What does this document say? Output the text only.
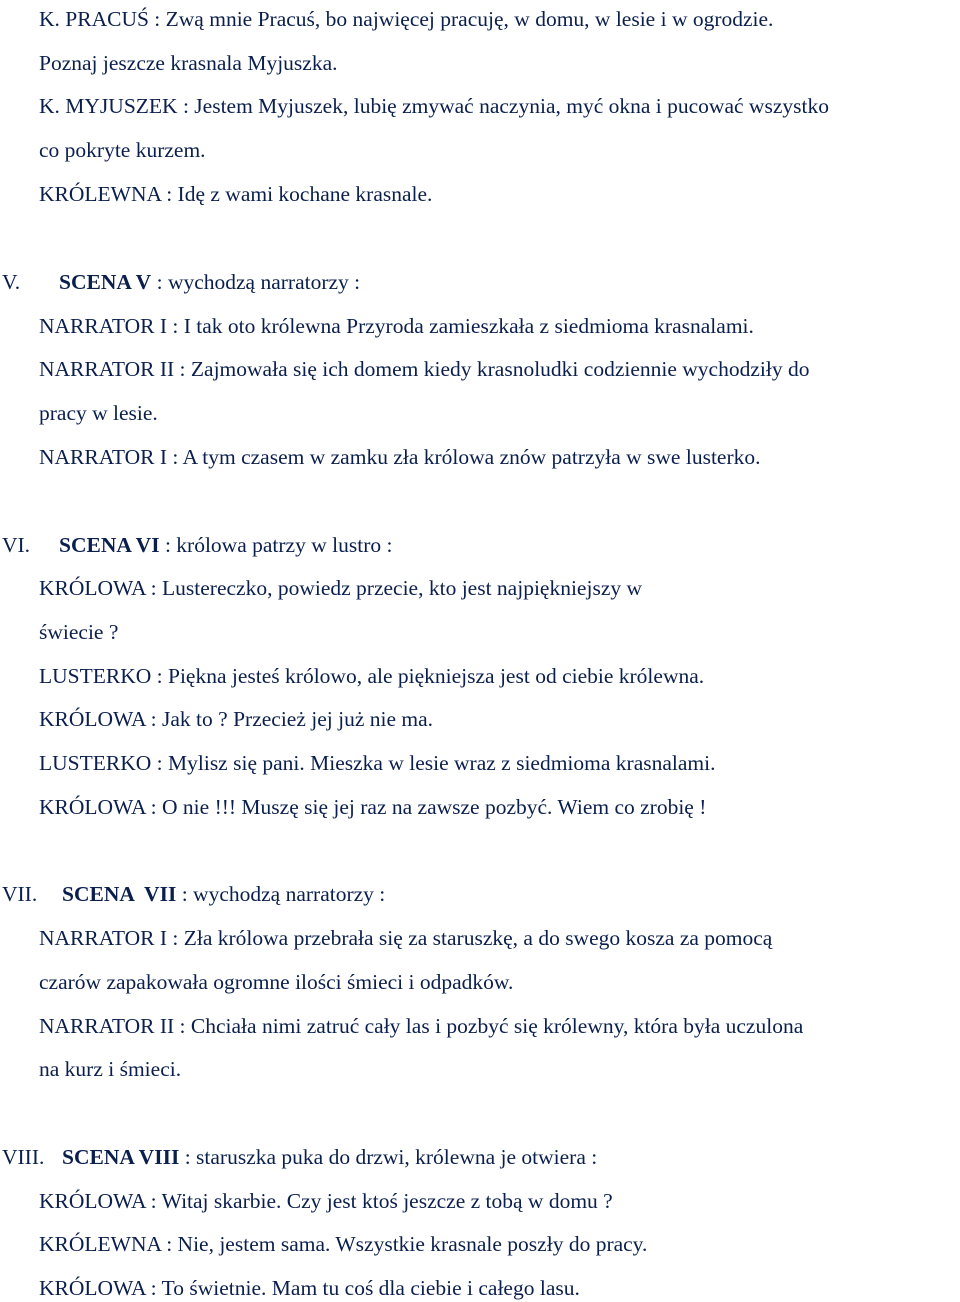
K. PRACUŚ : Zwą mnie Pracuś, bo najwięcej pracuję, w domu, w lesie i w ogrodzie.
Poznaj jeszcze krasnala Myjuszka.
K. MYJUSZEK : Jestem Myjuszek, lubię zmywać naczynia, myć okna i pucować wszystko
co pokryte kurzem.
KRÓLEWNA : Idę z wami kochane krasnale.
V. SCENA V : wychodzą narratorzy :
NARRATOR I : I tak oto królewna Przyroda zamieszkała z siedmioma krasnalami.
NARRATOR II : Zajmowała się ich domem kiedy krasnoludki codziennie wychodziły do
pracy w lesie.
NARRATOR I : A tym czasem w zamku zła królowa znów patrzyła w swe lusterko.
VI. SCENA VI : królowa patrzy w lustro :
KRÓLOWA : Lustereczko, powiedz przecie, kto jest najpiękniejszy w
świecie ?
LUSTERKO : Piękna jesteś królowo, ale piękniejsza jest od ciebie królewna.
KRÓLOWA : Jak to ? Przecież jej już nie ma.
LUSTERKO : Mylisz się pani. Mieszka w lesie wraz z siedmioma krasnalami.
KRÓLOWA : O nie !!! Muszę się jej raz na zawsze pozbyć. Wiem co zrobię !
VII. SCENA  VII : wychodzą narratorzy :
NARRATOR I : Zła królowa przebrała się za staruszkę, a do swego kosza za pomocą
czarów zapakowała ogromne ilości śmieci i odpadków.
NARRATOR II : Chciała nimi zatruć cały las i pozbyć się królewny, która była uczulona
na kurz i śmieci.
VIII. SCENA VIII : staruszka puka do drzwi, królewna je otwiera :
KRÓLOWA : Witaj skarbie. Czy jest ktoś jeszcze z tobą w domu ?
KRÓLEWNA : Nie, jestem sama. Wszystkie krasnale poszły do pracy.
KRÓLOWA : To świetnie. Mam tu coś dla ciebie i całego lasu.
